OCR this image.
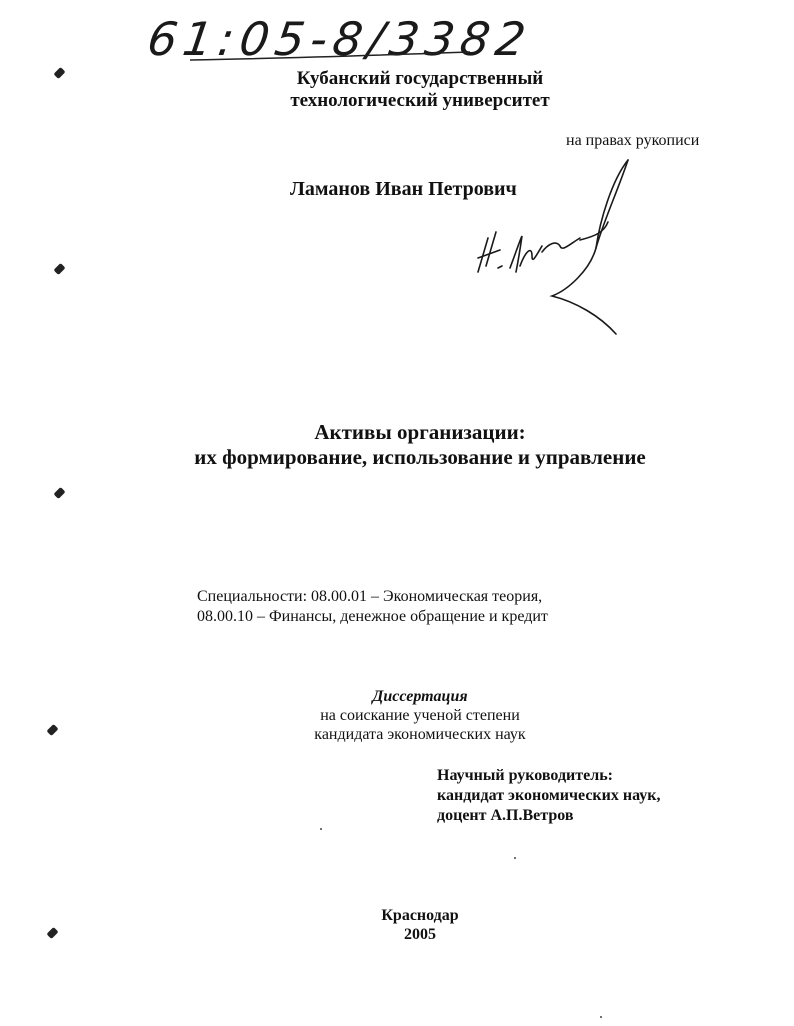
61:05-8/3382
Кубанский государственный
технологический университет
на правах рукописи
Ламанов Иван Петрович
Активы организации:
их формирование, использование и управление
Специальности: 08.00.01 – Экономическая теория,
08.00.10 – Финансы, денежное обращение и кредит
Диссертация
на соискание ученой степени
кандидата экономических наук
Научный руководитель:
кандидат экономических наук,
доцент А.П.Ветров
Краснодар
2005
